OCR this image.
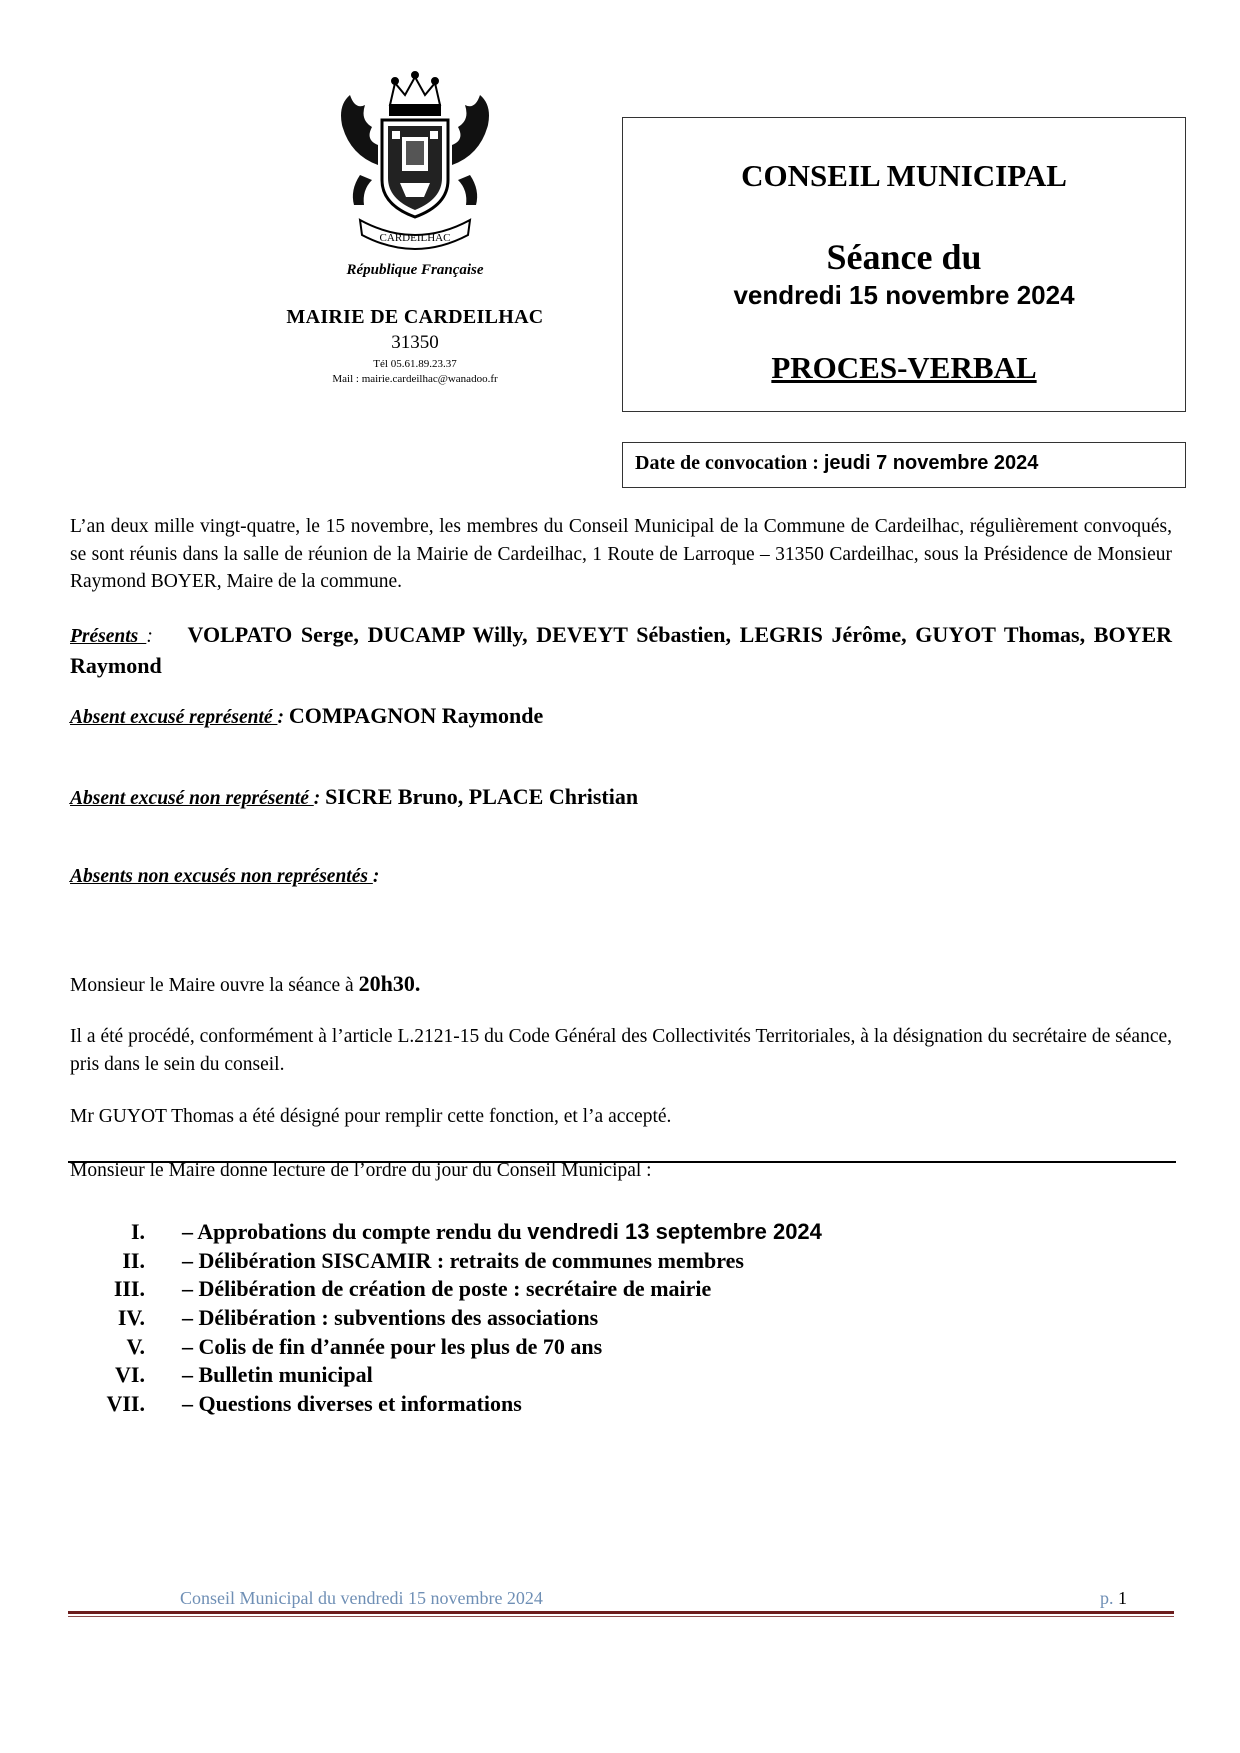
CARDEILHAC
République Française
MAIRIE DE CARDEILHAC
31350
Tél 05.61.89.23.37
Mail : mairie.cardeilhac@wanadoo.fr
CONSEIL MUNICIPAL
Séance du
vendredi 15 novembre 2024
PROCES-VERBAL
Date de convocation : jeudi 7 novembre 2024
L’an deux mille vingt-quatre, le 15 novembre, les membres du Conseil Municipal de la Commune de Cardeilhac, régulièrement convoqués, se sont réunis dans la salle de réunion de la Mairie de Cardeilhac, 1 Route de Larroque – 31350 Cardeilhac, sous la Présidence de Monsieur Raymond BOYER, Maire de la commune.
Présents : VOLPATO Serge, DUCAMP Willy, DEVEYT Sébastien, LEGRIS Jérôme, GUYOT Thomas, BOYER Raymond
Absent excusé représenté : COMPAGNON Raymonde
Absent excusé non représenté : SICRE Bruno, PLACE Christian
Absents non excusés non représentés :
Monsieur le Maire ouvre la séance à 20h30.
Il a été procédé, conformément à l’article L.2121-15 du Code Général des Collectivités Territoriales, à la désignation du secrétaire de séance, pris dans le sein du conseil.
Mr GUYOT Thomas a été désigné pour remplir cette fonction, et l’a accepté.
Monsieur le Maire donne lecture de l’ordre du jour du Conseil Municipal :
I. – Approbations du compte rendu du vendredi 13 septembre 2024
II. – Délibération SISCAMIR : retraits de communes membres
III. – Délibération de création de poste : secrétaire de mairie
IV. – Délibération : subventions des associations
V. – Colis de fin d’année pour les plus de 70 ans
VI. – Bulletin municipal
VII. – Questions diverses et informations
Conseil Municipal du vendredi 15 novembre 2024	p. 1
